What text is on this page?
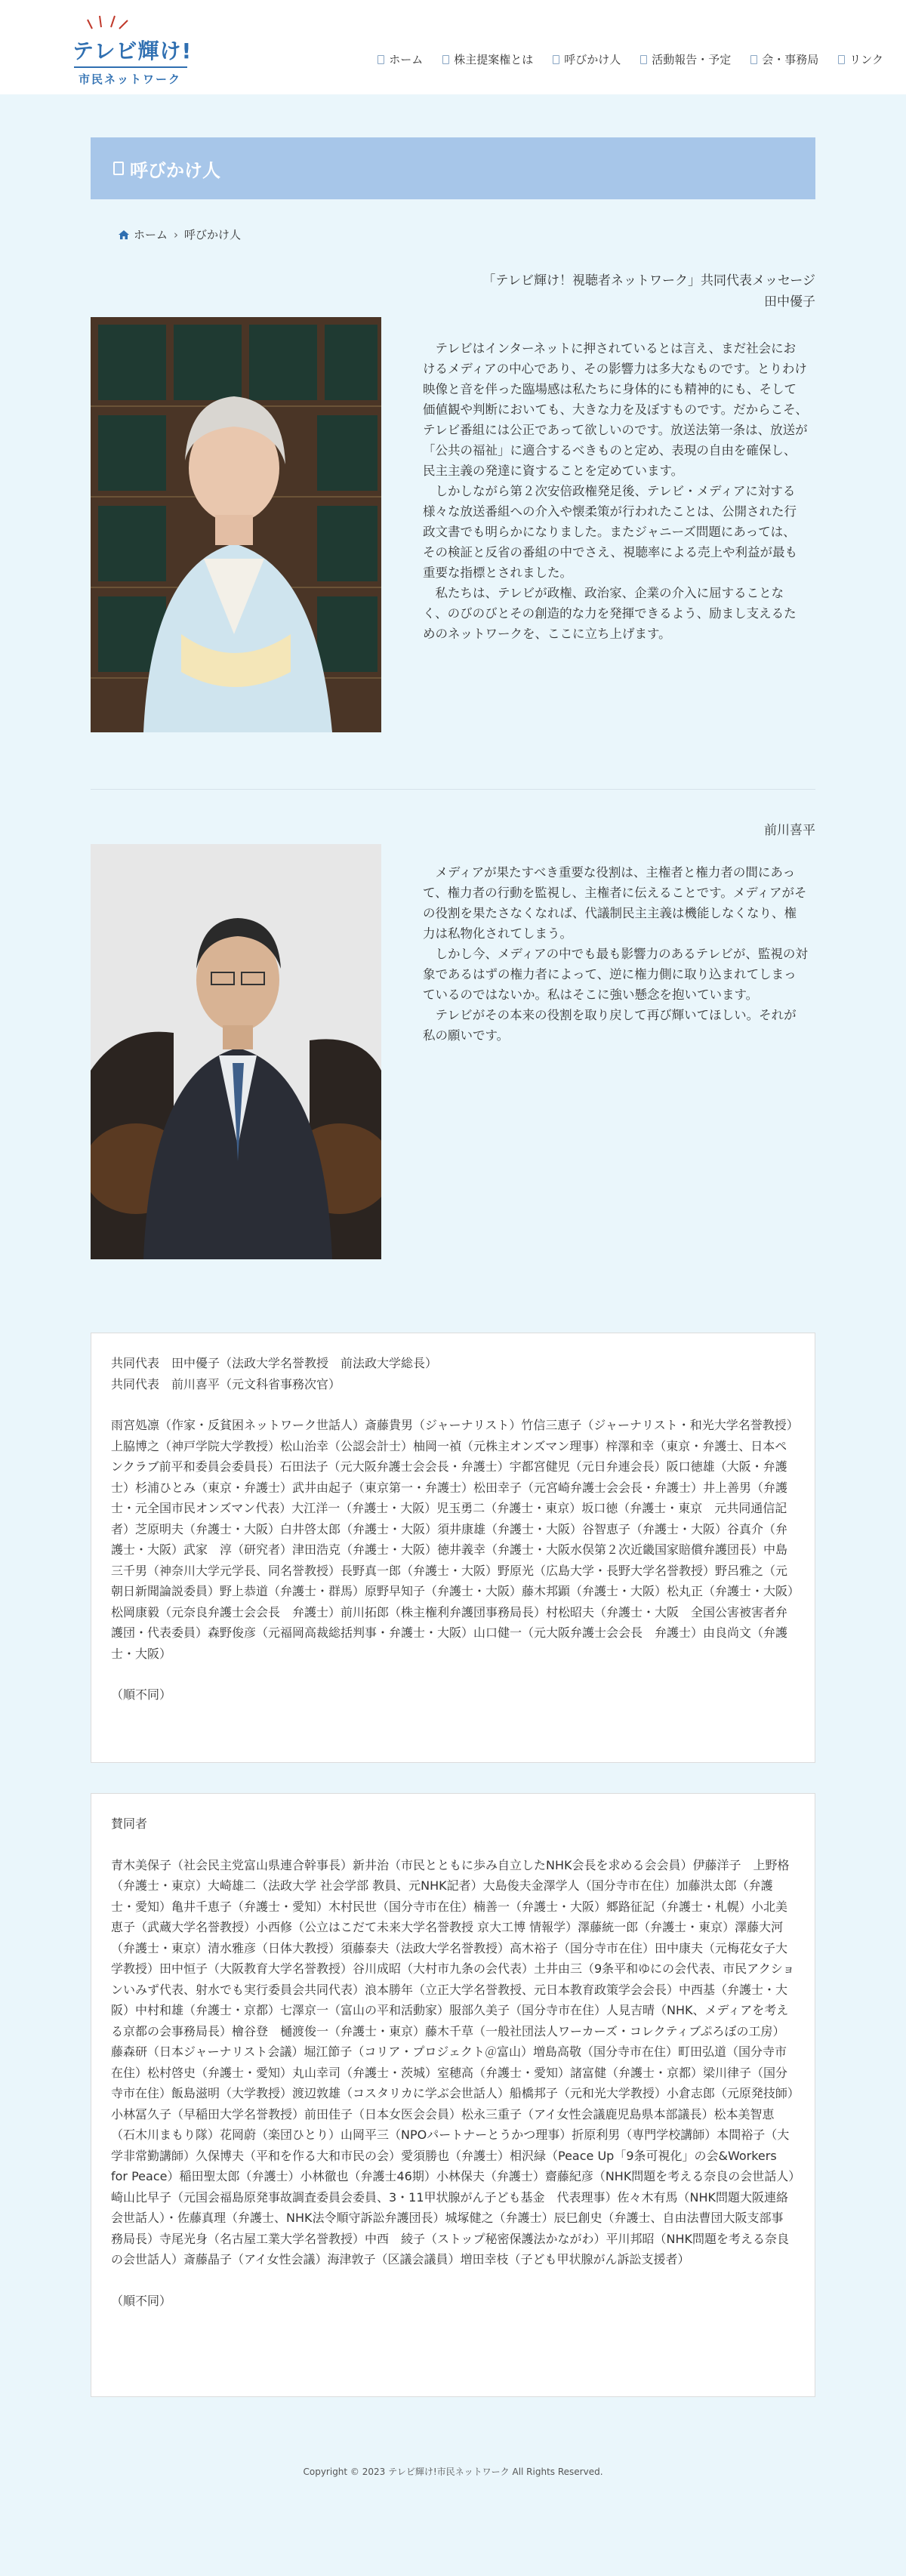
テレビ輝け!
市民ネットワーク
ホーム	株主提案権とは	呼びかけ人	活動報告・予定	会・事務局	リンク
呼びかけ人
ホーム › 呼びかけ人
「テレビ輝け！視聴者ネットワーク」共同代表メッセージ
田中優子

テレビはインターネットに押されているとは言え、まだ社会におけるメディアの中心であり、その影響力は多大なものです。とりわけ映像と音を伴った臨場感は私たちに身体的にも精神的にも、そして価値観や判断においても、大きな力を及ぼすものです。だからこそ、テレビ番組には公正であって欲しいのです。放送法第一条は、放送が「公共の福祉」に適合するべきものと定め、表現の自由を確保し、民主主義の発達に資することを定めています。

しかしながら第２次安倍政権発足後、テレビ・メディアに対する様々な放送番組への介入や懐柔策が行われたことは、公開された行政文書でも明らかになりました。またジャニーズ問題にあっては、その検証と反省の番組の中でさえ、視聴率による売上や利益が最も重要な指標とされました。

私たちは、テレビが政権、政治家、企業の介入に屈することなく、のびのびとその創造的な力を発揮できるよう、励まし支えるためのネットワークを、ここに立ち上げます。

前川喜平

メディアが果たすべき重要な役割は、主権者と権力者の間にあって、権力者の行動を監視し、主権者に伝えることです。メディアがその役割を果たさなくなれば、代議制民主主義は機能しなくなり、権力は私物化されてしまう。

しかし今、メディアの中でも最も影響力のあるテレビが、監視の対象であるはずの権力者によって、逆に権力側に取り込まれてしまっているのではないか。私はそこに強い懸念を抱いています。

テレビがその本来の役割を取り戻して再び輝いてほしい。それが私の願いです。

共同代表　田中優子（法政大学名誉教授　前法政大学総長）
共同代表　前川喜平（元文科省事務次官）
雨宮処凛（作家・反貧困ネットワーク世話人）斎藤貴男（ジャーナリスト）竹信三恵子（ジャーナリスト・和光大学名誉教授）上脇博之（神戸学院大学教授）松山治幸（公認会計士）柚岡一禎（元株主オンズマン理事）梓澤和幸（東京・弁護士、日本ペンクラブ前平和委員会委員長）石田法子（元大阪弁護士会会長・弁護士）宇都宮健児（元日弁連会長）阪口徳雄（大阪・弁護士）杉浦ひとみ（東京・弁護士）武井由起子（東京第一・弁護士）松田幸子（元宮崎弁護士会会長・弁護士）井上善男（弁護士・元全国市民オンズマン代表）大江洋一（弁護士・大阪）児玉勇二（弁護士・東京）坂口徳（弁護士・東京　元共同通信記者）芝原明夫（弁護士・大阪）白井啓太郎（弁護士・大阪）須井康雄（弁護士・大阪）谷智恵子（弁護士・大阪）谷真介（弁護士・大阪）武家　淳（研究者）津田浩克（弁護士・大阪）徳井義幸（弁護士・大阪水俣第２次近畿国家賠償弁護団長）中島三千男（神奈川大学元学長、同名誉教授）長野真一郎（弁護士・大阪）野原光（広島大学・長野大学名誉教授）野呂雅之（元朝日新聞論説委員）野上恭道（弁護士・群馬）原野早知子（弁護士・大阪）藤木邦顕（弁護士・大阪）松丸正（弁護士・大阪）松岡康毅（元奈良弁護士会会長　弁護士）前川拓郎（株主権利弁護団事務局長）村松昭夫（弁護士・大阪　全国公害被害者弁護団・代表委員）森野俊彦（元福岡高裁総括判事・弁護士・大阪）山口健一（元大阪弁護士会会長　弁護士）由良尚文（弁護士・大阪）
（順不同）
賛同者
青木美保子（社会民主党富山県連合幹事長）新井治（市民とともに歩み自立したNHK会長を求める会会員）伊藤洋子　上野格（弁護士・東京）大崎雄二（法政大学 社会学部 教員、元NHK記者）大島俊夫金澤学人（国分寺市在住）加藤洪太郎（弁護士・愛知）亀井千恵子（弁護士・愛知）木村民世（国分寺市在住）楠善一（弁護士・大阪）郷路征記（弁護士・札幌）小北美恵子（武蔵大学名誉教授）小西修（公立はこだて未来大学名誉教授 京大工博 情報学）澤藤統一郎（弁護士・東京）澤藤大河（弁護士・東京）清水雅彦（日体大教授）須藤泰夫（法政大学名誉教授）高木裕子（国分寺市在住）田中康夫（元梅花女子大学教授）田中恒子（大阪教育大学名誉教授）谷川成昭（大村市九条の会代表）土井由三（9条平和ゆにの会代表、市民アクションいみず代表、射水でも実行委員会共同代表）浪本勝年（立正大学名誉教授、元日本教育政策学会会長）中西基（弁護士・大阪）中村和雄（弁護士・京都）七澤京一（富山の平和活動家）服部久美子（国分寺市在住）人見吉晴（NHK、メディアを考える京都の会事務局長）檜谷登　樋渡俊一（弁護士・東京）藤木千草（一般社団法人ワーカーズ・コレクティブぷろぼの工房）藤森研（日本ジャーナリスト会議）堀江節子（コリア・プロジェクト＠富山）増島高敬（国分寺市在住）町田弘道（国分寺市在住）松村啓史（弁護士・愛知）丸山幸司（弁護士・茨城）室穂高（弁護士・愛知）諸富健（弁護士・京都）梁川律子（国分寺市在住）飯島滋明（大学教授）渡辺敦雄（コスタリカに学ぶ会世話人）船橋邦子（元和光大学教授）小倉志郎（元原発技師）小林冨久子（早稲田大学名誉教授）前田佳子（日本女医会会員）松永三重子（アイ女性会議鹿児島県本部議長）松本美智恵（石木川まもり隊）花岡蔚（楽団ひとり）山岡平三（NPOパートナーとうかつ理事）折原利男（専門学校講師）本間裕子（大学非常勤講師）久保博夫（平和を作る大和市民の会）愛須勝也（弁護士）相沢緑（Peace Up「9条可視化」の会&Workers for Peace）稲田聖太郎（弁護士）小林徹也（弁護士46期）小林保夫（弁護士）齋藤紀彦（NHK問題を考える奈良の会世話人）崎山比早子（元国会福島原発事故調査委員会委員、3・11甲状腺がん子ども基金　代表理事）佐々木有馬（NHK問題大阪連絡会世話人）・佐藤真理（弁護士、NHK法令順守訴訟弁護団長）城塚健之（弁護士）辰巳創史（弁護士、自由法曹団大阪支部事務局長）寺尾光身（名古屋工業大学名誉教授）中西　綾子（ストップ秘密保護法かながわ）平川邦昭（NHK問題を考える奈良の会世話人）斎藤晶子（アイ女性会議）海津敦子（区議会議員）増田幸枝（子ども甲状腺がん訴訟支援者）
（順不同）
Copyright © 2023 テレビ輝け!市民ネットワーク All Rights Reserved.
